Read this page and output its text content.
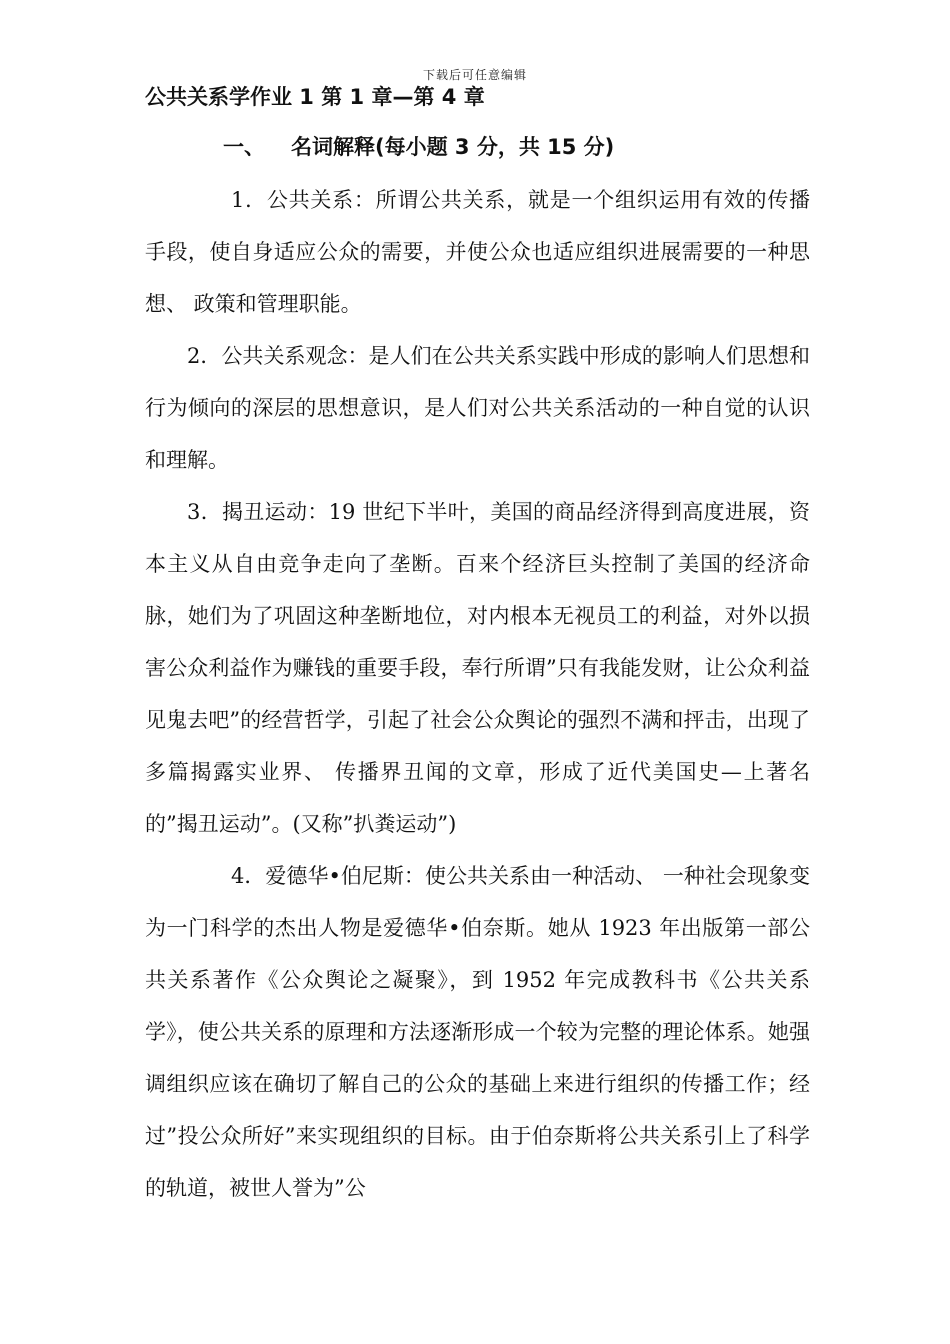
下载后可任意编辑
公共关系学作业 1 第 1 章—第 4 章
一、 名词解释(每小题 3 分，共 15 分)

1．公共关系：所谓公共关系，就是一个组织运用有效的传播手段，使自身适应公众的需要，并使公众也适应组织进展需要的一种思想、 政策和管理职能。

2．公共关系观念：是人们在公共关系实践中形成的影响人们思想和行为倾向的深层的思想意识，是人们对公共关系活动的一种自觉的认识和理解。

3．揭丑运动：19 世纪下半叶，美国的商品经济得到高度进展，资本主义从自由竞争走向了垄断。百来个经济巨头控制了美国的经济命脉，她们为了巩固这种垄断地位，对内根本无视员工的利益，对外以损害公众利益作为赚钱的重要手段，奉行所谓”只有我能发财，让公众利益见鬼去吧”的经营哲学，引起了社会公众舆论的强烈不满和抨击，出现了 多篇揭露实业界、 传播界丑闻的文章，形成了近代美国史—上著名的”揭丑运动”。(又称”扒粪运动”)

4．爱德华•伯尼斯：使公共关系由一种活动、 一种社会现象变为一门科学的杰出人物是爱德华•伯奈斯。她从 1923 年出版第一部公共关系著作《公众舆论之凝聚》，到 1952 年完成教科书《公共关系学》，使公共关系的原理和方法逐渐形成一个较为完整的理论体系。她强调组织应该在确切了解自己的公众的基础上来进行组织的传播工作；经过”投公众所好”来实现组织的目标。由于伯奈斯将公共关系引上了科学的轨道，被世人誉为”公
